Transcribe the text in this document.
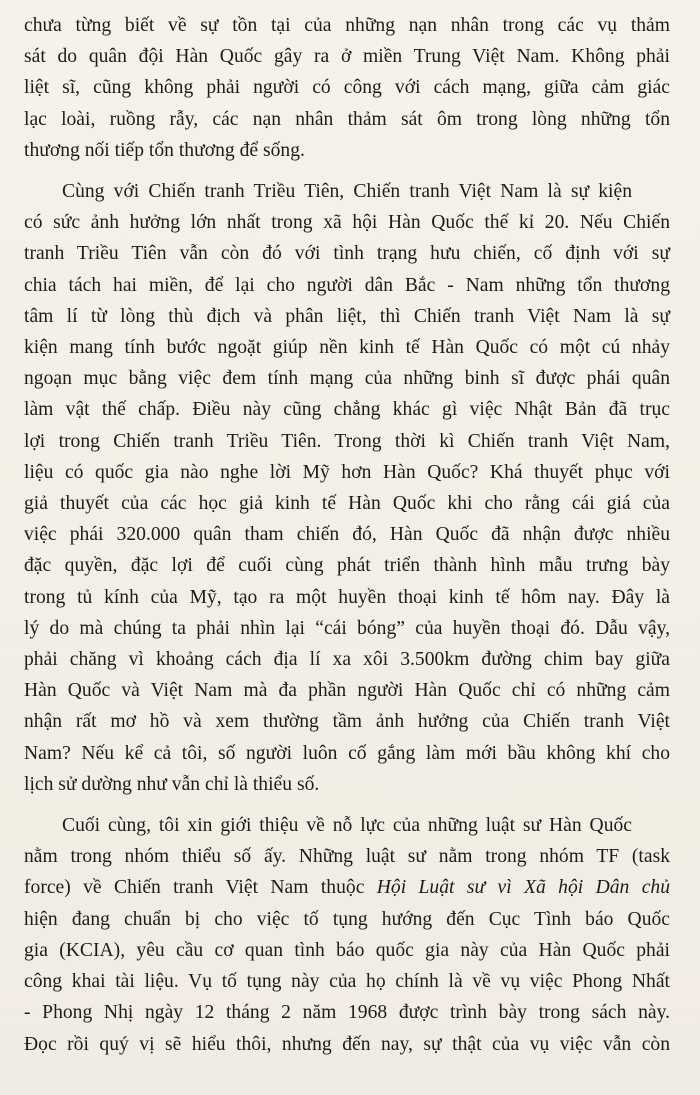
chưa từng biết về sự tồn tại của những nạn nhân trong các vụ thảm
sát do quân đội Hàn Quốc gây ra ở miền Trung Việt Nam. Không phải
liệt sĩ, cũng không phải người có công với cách mạng, giữa cảm giác
lạc loài, ruồng rẫy, các nạn nhân thảm sát ôm trong lòng những tổn
thương nối tiếp tổn thương để sống.

Cùng với Chiến tranh Triều Tiên, Chiến tranh Việt Nam là sự kiện
có sức ảnh hưởng lớn nhất trong xã hội Hàn Quốc thế kỉ 20. Nếu Chiến
tranh Triều Tiên vẫn còn đó với tình trạng hưu chiến, cố định với sự
chia tách hai miền, để lại cho người dân Bắc - Nam những tổn thương
tâm lí từ lòng thù địch và phân liệt, thì Chiến tranh Việt Nam là sự
kiện mang tính bước ngoặt giúp nền kinh tế Hàn Quốc có một cú nhảy
ngoạn mục bằng việc đem tính mạng của những binh sĩ được phái quân
làm vật thế chấp. Điều này cũng chẳng khác gì việc Nhật Bản đã trục
lợi trong Chiến tranh Triều Tiên. Trong thời kì Chiến tranh Việt Nam,
liệu có quốc gia nào nghe lời Mỹ hơn Hàn Quốc? Khá thuyết phục với
giả thuyết của các học giả kinh tế Hàn Quốc khi cho rằng cái giá của
việc phái 320.000 quân tham chiến đó, Hàn Quốc đã nhận được nhiều
đặc quyền, đặc lợi để cuối cùng phát triển thành hình mẫu trưng bày
trong tủ kính của Mỹ, tạo ra một huyền thoại kinh tế hôm nay. Đây là
lý do mà chúng ta phải nhìn lại “cái bóng” của huyền thoại đó. Dẫu vậy,
phải chăng vì khoảng cách địa lí xa xôi 3.500km đường chim bay giữa
Hàn Quốc và Việt Nam mà đa phần người Hàn Quốc chỉ có những cảm
nhận rất mơ hồ và xem thường tầm ảnh hưởng của Chiến tranh Việt
Nam? Nếu kể cả tôi, số người luôn cố gắng làm mới bầu không khí cho
lịch sử dường như vẫn chỉ là thiểu số.

Cuối cùng, tôi xin giới thiệu về nỗ lực của những luật sư Hàn Quốc
nằm trong nhóm thiểu số ấy. Những luật sư nằm trong nhóm TF (task
force) về Chiến tranh Việt Nam thuộc Hội Luật sư vì Xã hội Dân chủ
hiện đang chuẩn bị cho việc tố tụng hướng đến Cục Tình báo Quốc
gia (KCIA), yêu cầu cơ quan tình báo quốc gia này của Hàn Quốc phải
công khai tài liệu. Vụ tố tụng này của họ chính là về vụ việc Phong Nhất
- Phong Nhị ngày 12 tháng 2 năm 1968 được trình bày trong sách này.
Đọc rồi quý vị sẽ hiểu thôi, nhưng đến nay, sự thật của vụ việc vẫn còn
